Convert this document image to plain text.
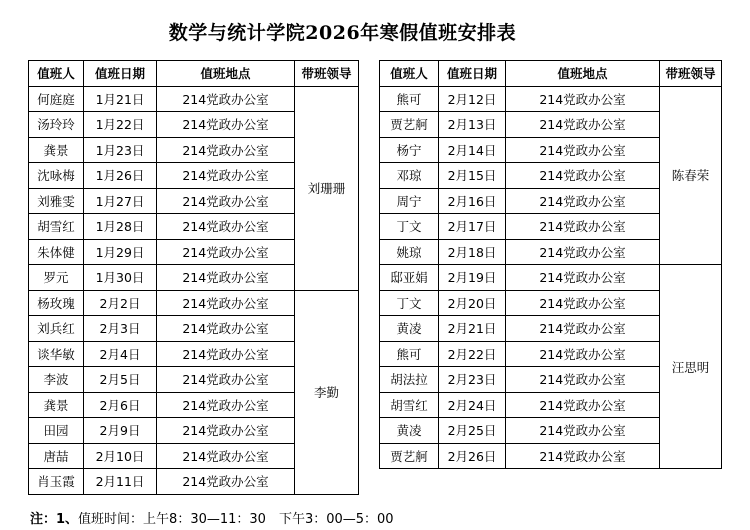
数学与统计学院2026年寒假值班安排表
值班人	值班日期	值班地点	带班领导
何庭庭	1月21日	214党政办公室	刘珊珊
汤玲玲	1月22日	214党政办公室	
龚景	1月23日	214党政办公室	
沈咏梅	1月26日	214党政办公室	
刘雅雯	1月27日	214党政办公室	
胡雪红	1月28日	214党政办公室	
朱体健	1月29日	214党政办公室	
罗元	1月30日	214党政办公室	
杨玫瑰	2月2日	214党政办公室	李勤
刘兵红	2月3日	214党政办公室	
谈华敏	2月4日	214党政办公室	
李波	2月5日	214党政办公室	
龚景	2月6日	214党政办公室	
田园	2月9日	214党政办公室	
唐喆	2月10日	214党政办公室	
肖玉霞	2月11日	214党政办公室	
值班人	值班日期	值班地点	带班领导
熊可	2月12日	214党政办公室	陈春荣
贾艺舸	2月13日	214党政办公室	
杨宁	2月14日	214党政办公室	
邓琼	2月15日	214党政办公室	
周宁	2月16日	214党政办公室	
丁文	2月17日	214党政办公室	
姚琼	2月18日	214党政办公室	
邸亚娟	2月19日	214党政办公室	汪思明
丁文	2月20日	214党政办公室	
黄凌	2月21日	214党政办公室	
熊可	2月22日	214党政办公室	
胡法拉	2月23日	214党政办公室	
胡雪红	2月24日	214党政办公室	
黄凌	2月25日	214党政办公室	
贾艺舸	2月26日	214党政办公室	
注：1、值班时间：上午8：30—11：30　下午3：00—5：00
